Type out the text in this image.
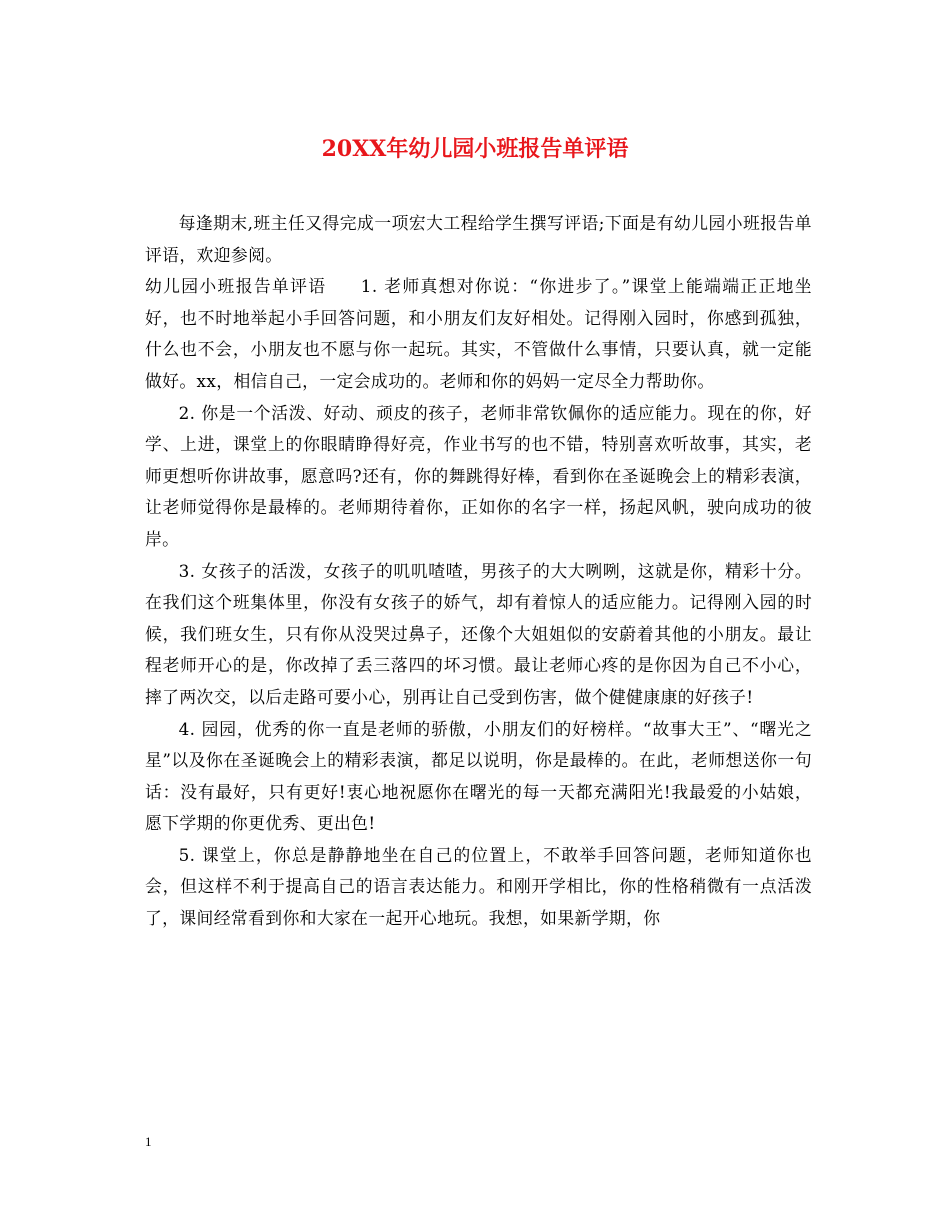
20XX年幼儿园小班报告单评语

每逢期末,班主任又得完成一项宏大工程给学生撰写评语;下面是有幼儿园小班报告单评语，欢迎参阅。

幼儿园小班报告单评语   1. 老师真想对你说：“你进步了。”课堂上能端端正正地坐好，也不时地举起小手回答问题，和小朋友们友好相处。记得刚入园时，你感到孤独，什么也不会，小朋友也不愿与你一起玩。其实，不管做什么事情，只要认真，就一定能做好。xx，相信自己，一定会成功的。老师和你的妈妈一定尽全力帮助你。

2. 你是一个活泼、好动、顽皮的孩子，老师非常钦佩你的适应能力。现在的你，好学、上进，课堂上的你眼睛睁得好亮，作业书写的也不错，特别喜欢听故事，其实，老师更想听你讲故事，愿意吗?还有，你的舞跳得好棒，看到你在圣诞晚会上的精彩表演，让老师觉得你是最棒的。老师期待着你，正如你的名字一样，扬起风帆，驶向成功的彼岸。

3. 女孩子的活泼，女孩子的叽叽喳喳，男孩子的大大咧咧，这就是你，精彩十分。在我们这个班集体里，你没有女孩子的娇气，却有着惊人的适应能力。记得刚入园的时候，我们班女生，只有你从没哭过鼻子，还像个大姐姐似的安蔚着其他的小朋友。最让程老师开心的是，你改掉了丢三落四的坏习惯。最让老师心疼的是你因为自己不小心，摔了两次交，以后走路可要小心，别再让自己受到伤害，做个健健康康的好孩子!

4. 园园，优秀的你一直是老师的骄傲，小朋友们的好榜样。“故事大王”、“曙光之星”以及你在圣诞晚会上的精彩表演，都足以说明，你是最棒的。在此，老师想送你一句话：没有最好，只有更好!衷心地祝愿你在曙光的每一天都充满阳光!我最爱的小姑娘，愿下学期的你更优秀、更出色!

5. 课堂上，你总是静静地坐在自己的位置上，不敢举手回答问题，老师知道你也会，但这样不利于提高自己的语言表达能力。和刚开学相比，你的性格稍微有一点活泼了，课间经常看到你和大家在一起开心地玩。我想，如果新学期，你

1
